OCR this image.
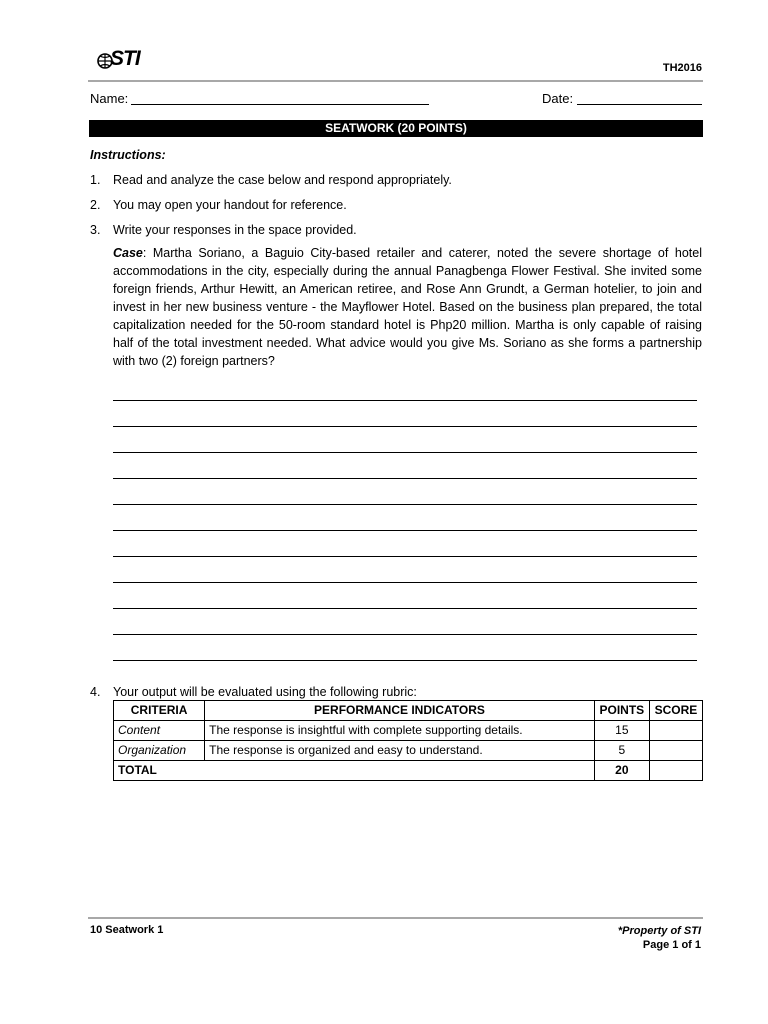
STI	TH2016
Name:	Date:
SEATWORK (20 POINTS)
Instructions:
1. Read and analyze the case below and respond appropriately.
2. You may open your handout for reference.
3. Write your responses in the space provided.
Case: Martha Soriano, a Baguio City-based retailer and caterer, noted the severe shortage of hotel accommodations in the city, especially during the annual Panagbenga Flower Festival. She invited some foreign friends, Arthur Hewitt, an American retiree, and Rose Ann Grundt, a German hotelier, to join and invest in her new business venture - the Mayflower Hotel. Based on the business plan prepared, the total capitalization needed for the 50-room standard hotel is Php20 million. Martha is only capable of raising half of the total investment needed. What advice would you give Ms. Soriano as she forms a partnership with two (2) foreign partners?
4. Your output will be evaluated using the following rubric:
CRITERIA	PERFORMANCE INDICATORS	POINTS	SCORE
Content	The response is insightful with complete supporting details.	15	
Organization	The response is organized and easy to understand.	5	
TOTAL		20	
10 Seatwork 1	*Property of STI
Page 1 of 1
